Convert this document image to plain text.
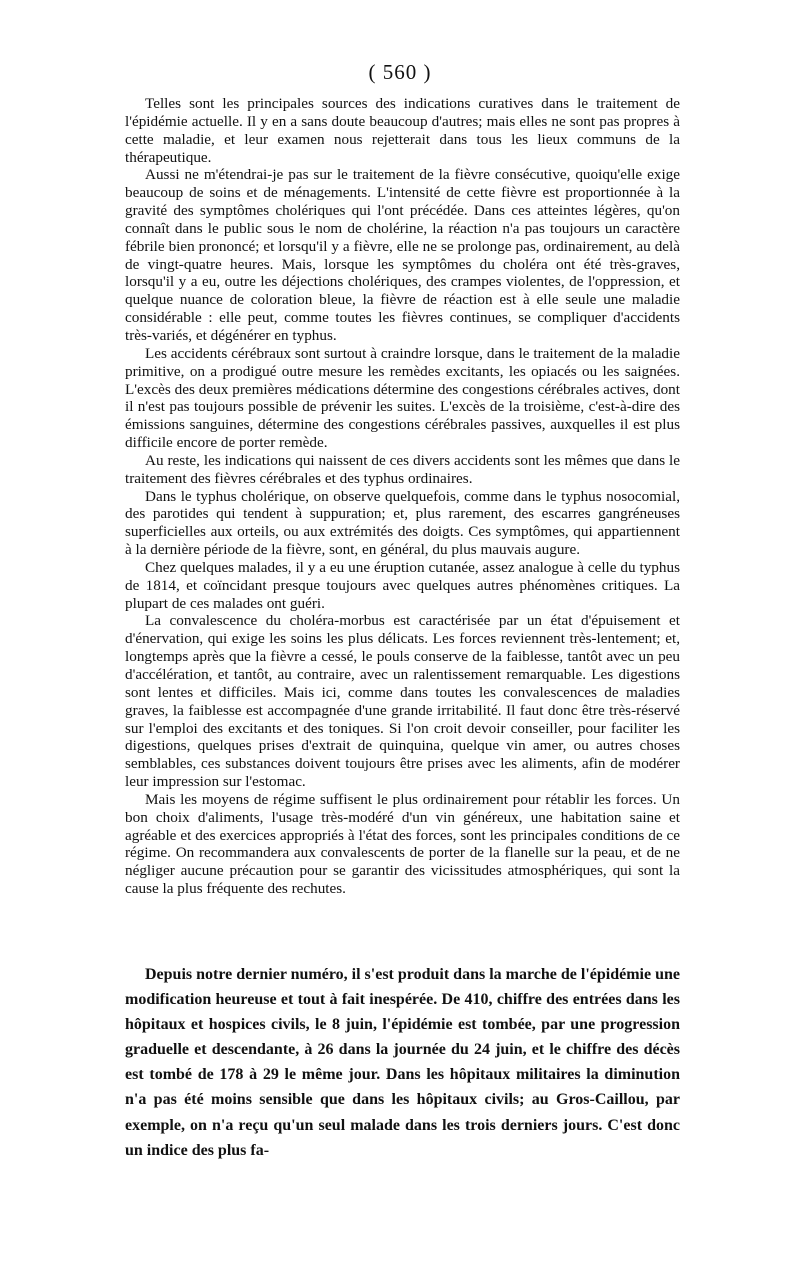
( 560 )

Telles sont les principales sources des indications curatives dans le traitement de l'épidémie actuelle. Il y en a sans doute beaucoup d'autres; mais elles ne sont pas propres à cette maladie, et leur examen nous rejetterait dans tous les lieux communs de la thérapeutique.

Aussi ne m'étendrai-je pas sur le traitement de la fièvre consécutive, quoiqu'elle exige beaucoup de soins et de ménagements. L'intensité de cette fièvre est proportionnée à la gravité des symptômes cholériques qui l'ont précédée. Dans ces atteintes légères, qu'on connaît dans le public sous le nom de cholérine, la réaction n'a pas toujours un caractère fébrile bien prononcé; et lorsqu'il y a fièvre, elle ne se prolonge pas, ordinairement, au delà de vingt-quatre heures. Mais, lorsque les symptômes du choléra ont été très-graves, lorsqu'il y a eu, outre les déjections cholériques, des crampes violentes, de l'oppression, et quelque nuance de coloration bleue, la fièvre de réaction est à elle seule une maladie considérable : elle peut, comme toutes les fièvres continues, se compliquer d'accidents très-variés, et dégénérer en typhus.

Les accidents cérébraux sont surtout à craindre lorsque, dans le traitement de la maladie primitive, on a prodigué outre mesure les remèdes excitants, les opiacés ou les saignées. L'excès des deux premières médications détermine des congestions cérébrales actives, dont il n'est pas toujours possible de prévenir les suites. L'excès de la troisième, c'est-à-dire des émissions sanguines, détermine des congestions cérébrales passives, auxquelles il est plus difficile encore de porter remède.

Au reste, les indications qui naissent de ces divers accidents sont les mêmes que dans le traitement des fièvres cérébrales et des typhus ordinaires.

Dans le typhus cholérique, on observe quelquefois, comme dans le typhus nosocomial, des parotides qui tendent à suppuration; et, plus rarement, des escarres gangréneuses superficielles aux orteils, ou aux extrémités des doigts. Ces symptômes, qui appartiennent à la dernière période de la fièvre, sont, en général, du plus mauvais augure.

Chez quelques malades, il y a eu une éruption cutanée, assez analogue à celle du typhus de 1814, et coïncidant presque toujours avec quelques autres phénomènes critiques. La plupart de ces malades ont guéri.

La convalescence du choléra-morbus est caractérisée par un état d'épuisement et d'énervation, qui exige les soins les plus délicats. Les forces reviennent très-lentement; et, longtemps après que la fièvre a cessé, le pouls conserve de la faiblesse, tantôt avec un peu d'accélération, et tantôt, au contraire, avec un ralentissement remarquable. Les digestions sont lentes et difficiles. Mais ici, comme dans toutes les convalescences de maladies graves, la faiblesse est accompagnée d'une grande irritabilité. Il faut donc être très-réservé sur l'emploi des excitants et des toniques. Si l'on croit devoir conseiller, pour faciliter les digestions, quelques prises d'extrait de quinquina, quelque vin amer, ou autres choses semblables, ces substances doivent toujours être prises avec les aliments, afin de modérer leur impression sur l'estomac.

Mais les moyens de régime suffisent le plus ordinairement pour rétablir les forces. Un bon choix d'aliments, l'usage très-modéré d'un vin généreux, une habitation saine et agréable et des exercices appropriés à l'état des forces, sont les principales conditions de ce régime. On recommandera aux convalescents de porter de la flanelle sur la peau, et de ne négliger aucune précaution pour se garantir des vicissitudes atmosphériques, qui sont la cause la plus fréquente des rechutes.

Depuis notre dernier numéro, il s'est produit dans la marche de l'épidémie une modification heureuse et tout à fait inespérée. De 410, chiffre des entrées dans les hôpitaux et hospices civils, le 8 juin, l'épidémie est tombée, par une progression graduelle et descendante, à 26 dans la journée du 24 juin, et le chiffre des décès est tombé de 178 à 29 le même jour. Dans les hôpitaux militaires la diminution n'a pas été moins sensible que dans les hôpitaux civils; au Gros-Caillou, par exemple, on n'a reçu qu'un seul malade dans les trois derniers jours. C'est donc un indice des plus fa-
